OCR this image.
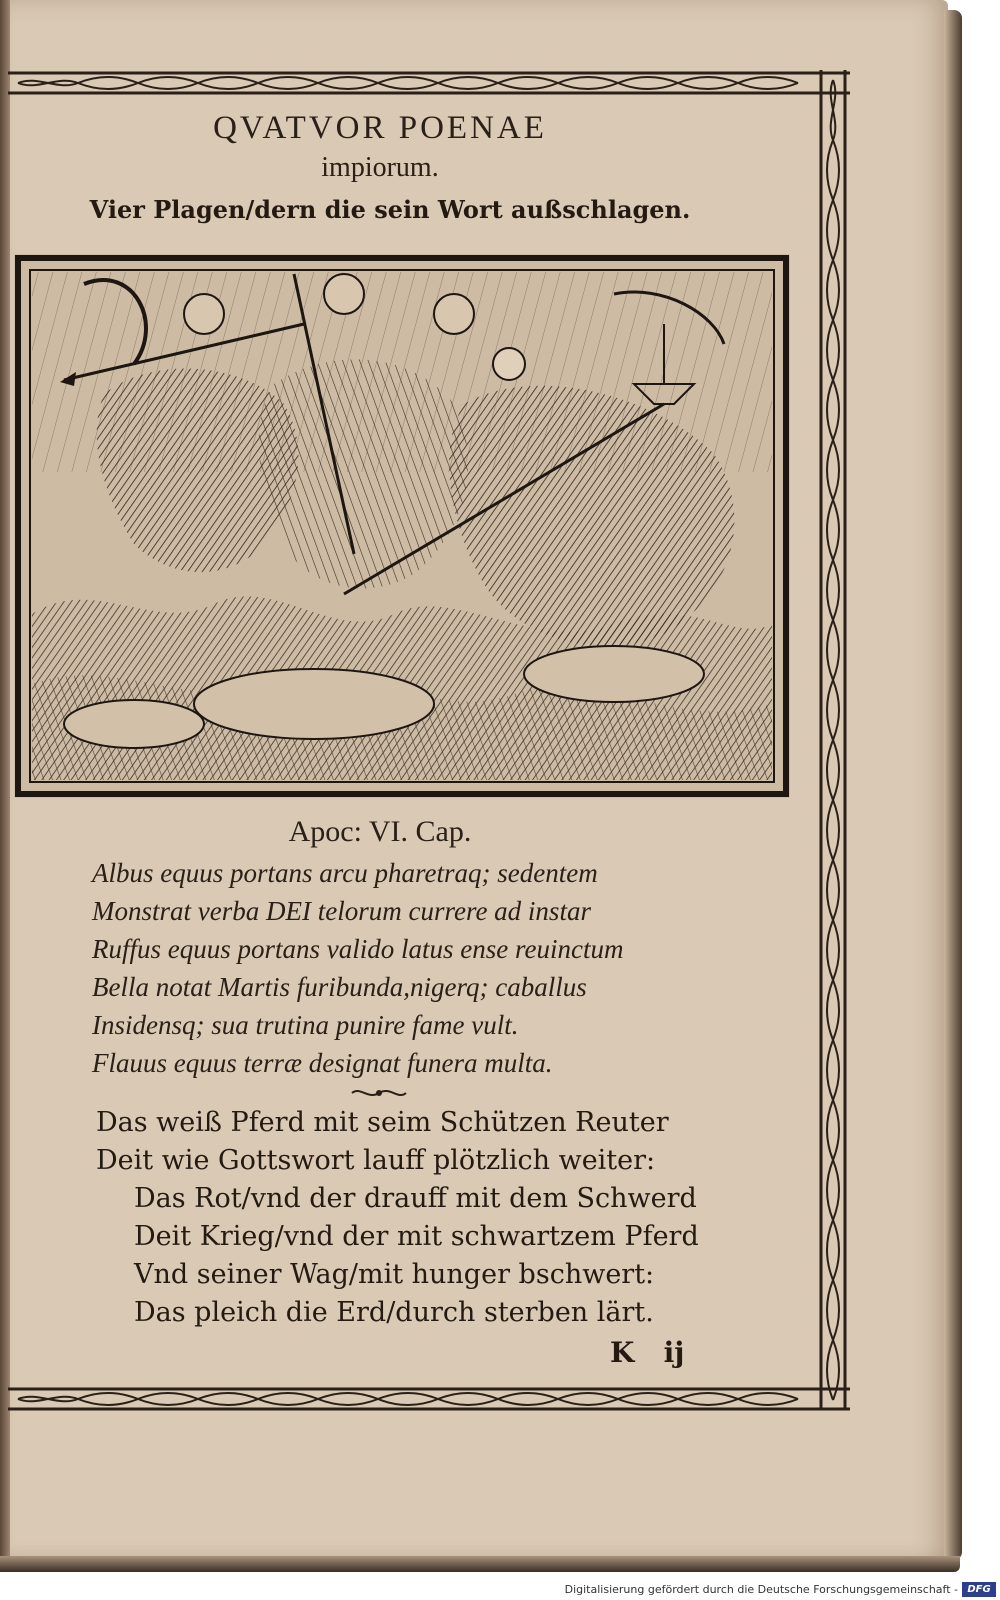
QVATVOR POENAE
impiorum.
Vier Plagen/dern die sein Wort außschlagen.
Apoc: VI. Cap.
Albus equus portans arcu pharetraq; sedentem
Monstrat verba DEI telorum currere ad instar
Ruffus equus portans valido latus ense reuinctum
Bella notat Martis furibunda,nigerq; caballus
Insidensq; sua trutina punire fame vult.
Flauus equus terræ designat funera multa.
Das weiß Pferd mit seim Schützen Reuter
Deit wie Gottswort lauff plötzlich weiter:
Das Rot/vnd der drauff mit dem Schwerd
Deit Krieg/vnd der mit schwartzem Pferd
Vnd seiner Wag/mit hunger bschwert:
Das pleich die Erd/durch sterben lärt.
K   ij
Digitalisierung gefördert durch die Deutsche Forschungsgemeinschaft - DFG
